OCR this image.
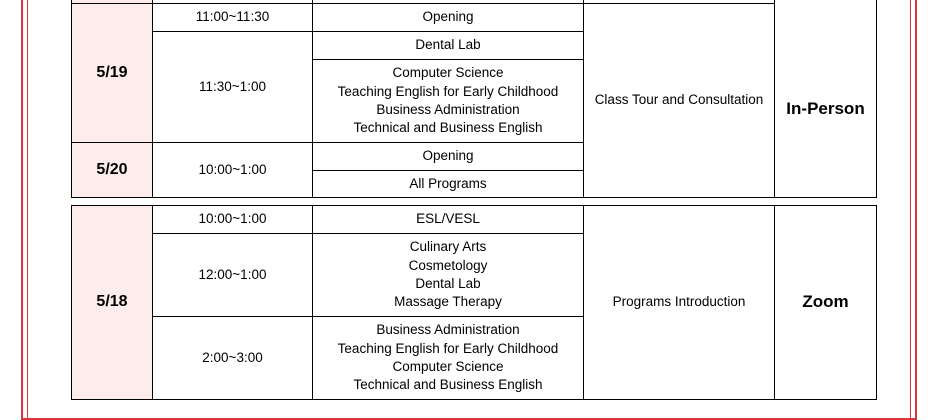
				In-Person
5/19	11:00~11:30	Opening	Class Tour and Consultation	
	11:30~1:00	Dental Lab		

		Computer Science
Teaching English for Early Childhood
Business Administration
Technical and Business English		

5/20	10:00~1:00	Opening		
		All Programs		
5/18	10:00~1:00	ESL/VESL	Programs Introduction	Zoom
	12:00~1:00	Culinary Arts
Cosmetology
Dental Lab
Massage Therapy		

	2:00~3:00	Business Administration
Teaching English for Early Childhood
Computer Science
Technical and Business English		
